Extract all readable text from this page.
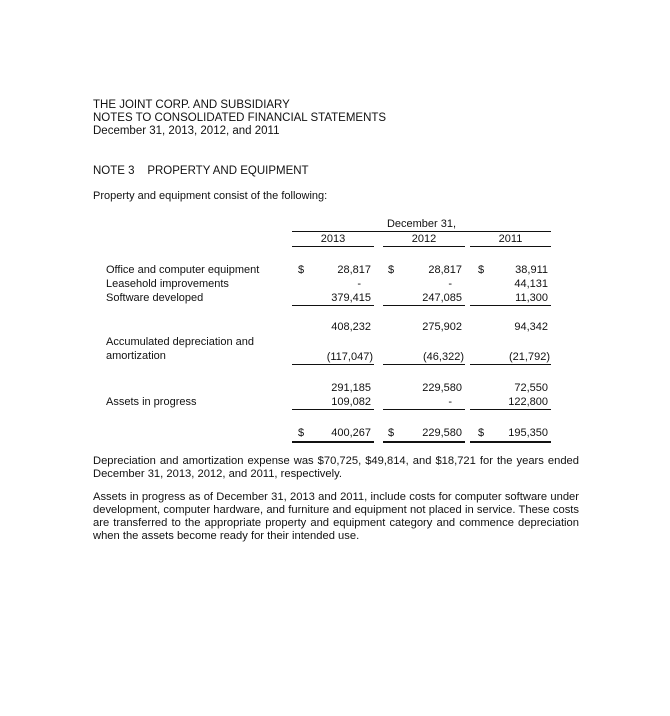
THE JOINT CORP. AND SUBSIDIARY
NOTES TO CONSOLIDATED FINANCIAL STATEMENTS
December 31, 2013, 2012, and 2011
NOTE 3    PROPERTY AND EQUIPMENT
Property and equipment consist of the following:
December 31,
2013	2012	2011
Office and computer equipment	$	28,817 $	28,817 $	38,911
Leasehold improvements	-	-	44,131
Software developed	379,415	247,085	11,300
408,232	275,902	94,342
Accumulated depreciation and
amortization	(117,047)	(46,322)	(21,792)
291,185	229,580	72,550
Assets in progress	109,082	-	122,800
$	400,267 $	229,580 $	195,350
Depreciation and amortization expense was $70,725, $49,814, and $18,721 for the years ended December 31, 2013, 2012, and 2011, respectively.
Assets in progress as of December 31, 2013 and 2011, include costs for computer software under development, computer hardware, and furniture and equipment not placed in service. These costs are transferred to the appropriate property and equipment category and commence depreciation when the assets become ready for their intended use.
